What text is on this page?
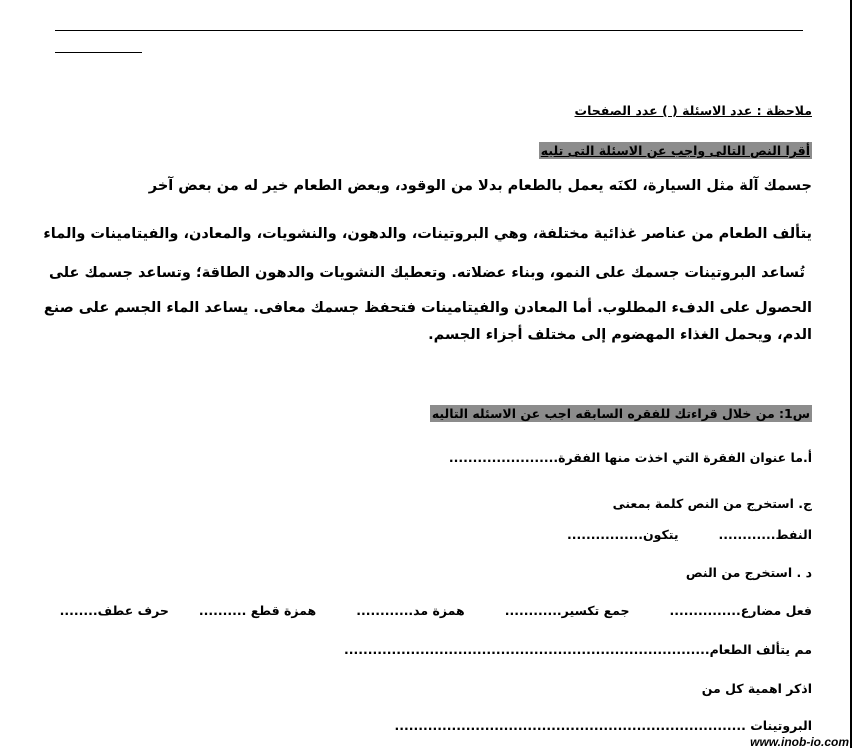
ملاحظة : عدد الاسئلة ( ) عدد الصفحات
أقرا النص التالى واجب عن الاسئلة التى تليه
جسمك آلة مثل السيارة، لكنَه يعمل بالطعام بدلا من الوقود، وبعض الطعام خير له من بعض آخر
يتألف الطعام من عناصر غذائية مختلفة، وهي البروتينات، والدهون، والنشويات، والمعادن، والفيتامينات والماء
تُساعد البروتينات جسمك على النمو، وبناء عضلاته. وتعطيك النشويات والدهون الطاقة؛ وتساعد جسمك على
الحصول على الدفء المطلوب. أما المعادن والفيتامينات فتحفظ جسمك معافى. يساعد الماء الجسم على صنع
الدم، ويحمل الغذاء المهضوم إلى مختلف أجزاء الجسم.
س1: من خلال قراءتك للفقره السابقه اجب عن الاسئله التاليه
أ.ما عنوان الفقرة التي اخذت منها الفقرة.......................
ج. استخرج من النص كلمة بمعنى
النفط............يتكون................
د . استخرج من النص
فعل مضارع...............جمع تكسير............همزة مد............همزة قطع ..........حرف عطف........
مم يتألف الطعام.............................................................................
اذكر اهمية كل من
البروتينات ..........................................................................
www.inob-io.com
